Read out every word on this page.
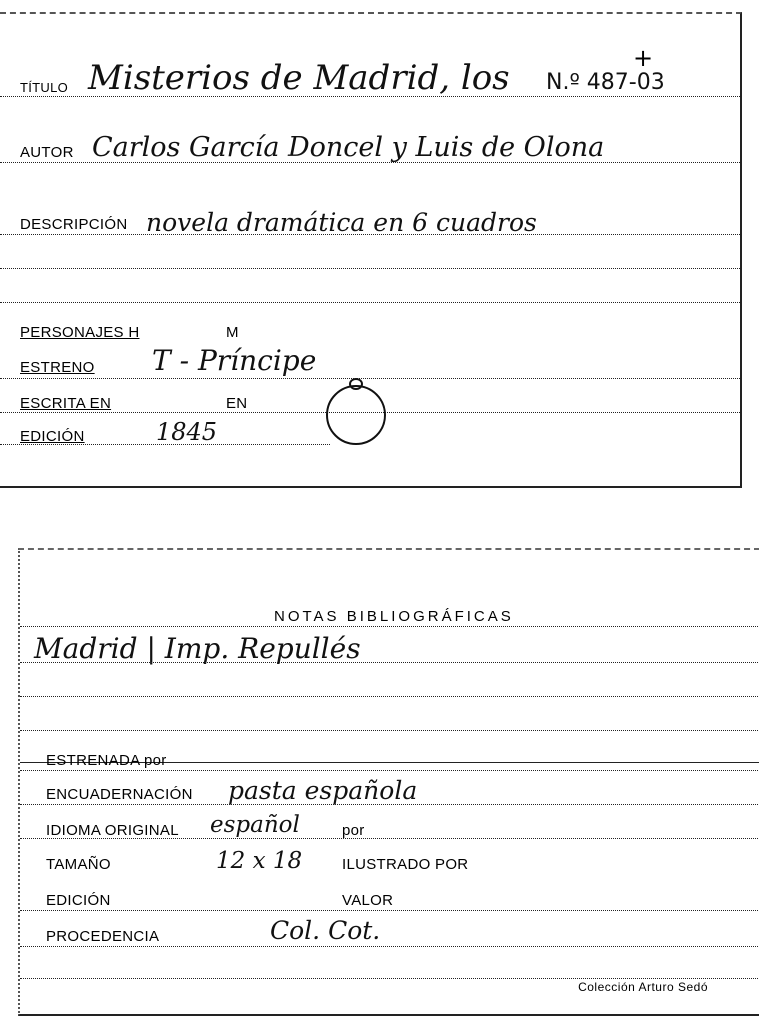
+
TÍTULO Misterios de Madrid, los N.º 487-03
AUTOR Carlos García Doncel y Luis de Olona
DESCRIPCIÓN novela dramática en 6 cuadros
PERSONAJES H	M
ESTRENO T - Príncipe
ESCRITA EN	EN
EDICIÓN	1845
NOTAS BIBLIOGRÁFICAS
Madrid | Imp. Repullés
ESTRENADA por
ENCUADERNACIÓN pasta española
IDIOMA ORIGINAL español	por
TAMAÑO	12 x 18	ILUSTRADO POR
EDICIÓN	VALOR
PROCEDENCIA	Col. Cot.
Colección Arturo Sedó
